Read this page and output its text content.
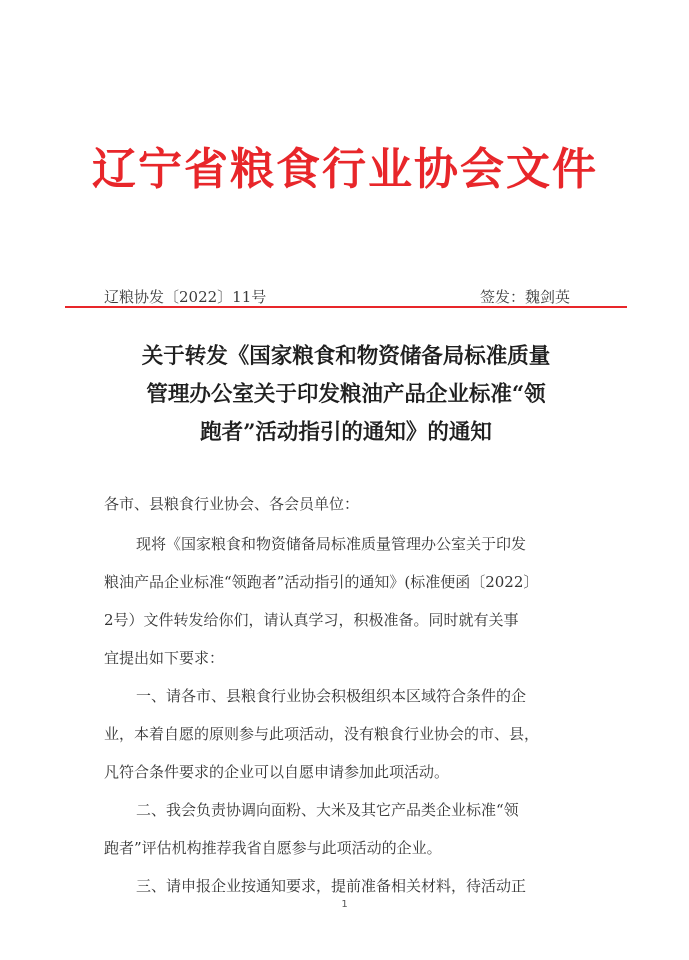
辽宁省粮食行业协会文件
辽粮协发〔2022〕11号	签发：魏剑英
关于转发《国家粮食和物资储备局标准质量
管理办公室关于印发粮油产品企业标准“领
跑者”活动指引的通知》的通知
各市、县粮食行业协会、各会员单位：
现将《国家粮食和物资储备局标准质量管理办公室关于印发
粮油产品企业标准“领跑者”活动指引的通知》(标准便函〔2022〕
2号）文件转发给你们，请认真学习，积极准备。同时就有关事
宜提出如下要求：
一、请各市、县粮食行业协会积极组织本区域符合条件的企
业，本着自愿的原则参与此项活动，没有粮食行业协会的市、县，
凡符合条件要求的企业可以自愿申请参加此项活动。
二、我会负责协调向面粉、大米及其它产品类企业标准“领
跑者”评估机构推荐我省自愿参与此项活动的企业。
三、请申报企业按通知要求，提前准备相关材料，待活动正
1
